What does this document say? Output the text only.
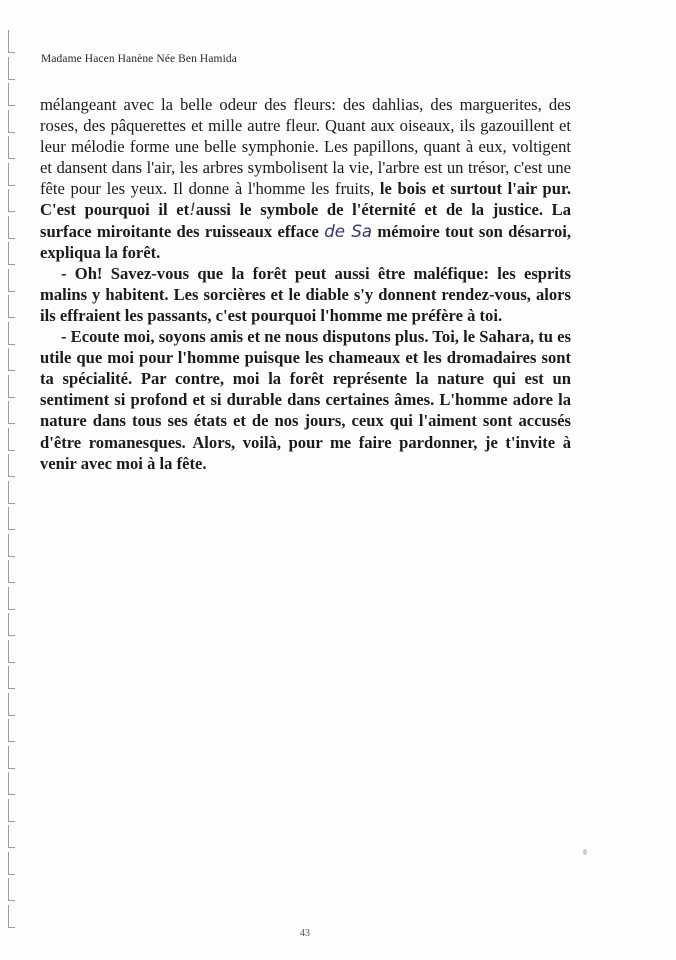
Madame Hacen Hanène Née Ben Hamida

mélangeant avec la belle odeur des fleurs: des dahlias, des marguerites, des roses, des pâquerettes et mille autre fleur. Quant aux oiseaux, ils gazouillent et leur mélodie forme une belle symphonie. Les papillons, quant à eux, voltigent et dansent dans l'air, les arbres symbolisent la vie, l'arbre est un trésor, c'est une fête pour les yeux. Il donne à l'homme les fruits, le bois et surtout l'air pur. C'est pourquoi il et!aussi le symbole de l'éternité et de la justice. La surface miroitante des ruisseaux efface de Sa mémoire tout son désarroi, expliqua la forêt.

- Oh! Savez-vous que la forêt peut aussi être maléfique: les esprits malins y habitent. Les sorcières et le diable s'y donnent rendez-vous, alors ils effraient les passants, c'est pourquoi l'homme me préfère à toi.

- Ecoute moi, soyons amis et ne nous disputons plus. Toi, le Sahara, tu es utile que moi pour l'homme puisque les chameaux et les dromadaires sont ta spécialité. Par contre, moi la forêt représente la nature qui est un sentiment si profond et si durable dans certaines âmes. L'homme adore la nature dans tous ses états et de nos jours, ceux qui l'aiment sont accusés d'être romanesques. Alors, voilà, pour me faire pardonner, je t'invite à venir avec moi à la fête.

43
